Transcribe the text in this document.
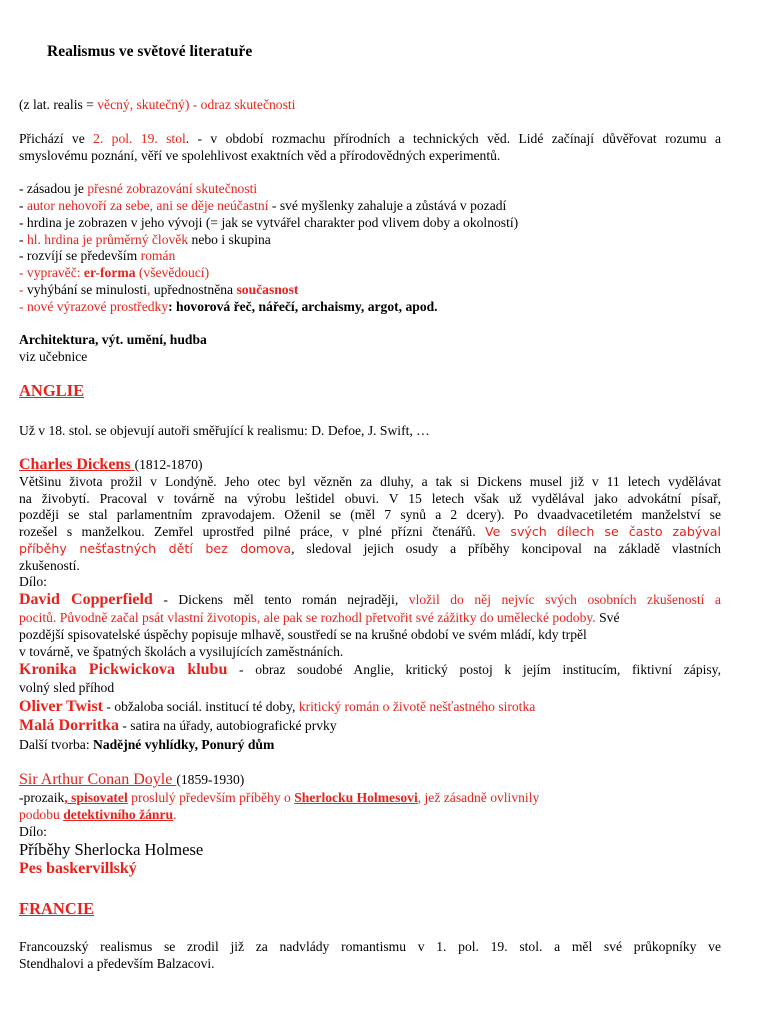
Realismus ve světové literatuře
(z lat. realis = věcný, skutečný) - odraz skutečnosti
Přichází ve 2. pol. 19. stol. - v období rozmachu přírodních a technických věd. Lidé začínají důvěřovat rozumu a
smyslovému poznání, věří ve spolehlivost exaktních věd a přírodovědných experimentů.
- zásadou je přesné zobrazování skutečnosti
- autor nehovoří za sebe, ani se děje neúčastní - své myšlenky zahaluje a zůstává v pozadí
- hrdina je zobrazen v jeho vývoji (= jak se vytvářel charakter pod vlivem doby a okolností)
- hl. hrdina je průměrný člověk nebo i skupina
- rozvíjí se především román
- vypravěč: er-forma (vševědoucí)
- vyhýbání se minulosti, upřednostněna současnost
- nové výrazové prostředky: hovorová řeč, nářečí, archaismy, argot, apod.
Architektura, výt. umění, hudba
viz učebnice
ANGLIE
Už v 18. stol. se objevují autoři směřující k realismu: D. Defoe, J. Swift, …
Charles Dickens (1812-1870)
Většinu života prožil v Londýně. Jeho otec byl vězněn za dluhy, a tak si Dickens musel již v 11 letech vydělávat
na živobytí. Pracoval v továrně na výrobu leštidel obuvi. V 15 letech však už vydělával jako advokátní písař,
později se stal parlamentním zpravodajem. Oženil se (měl 7 synů a 2 dcery). Po dvaadvacetiletém manželství se
rozešel s manželkou. Zemřel uprostřed pilné práce, v plné přízni čtenářů. Ve svých dílech se často zabýval
příběhy nešťastných dětí bez domova, sledoval jejich osudy a příběhy koncipoval na základě vlastních
zkušeností.
Dílo:
David Copperfield - Dickens měl tento román nejraději, vložil do něj nejvíc svých osobních zkušeností a
pocitů. Původně začal psát vlastní životopis, ale pak se rozhodl přetvořit své zážitky do umělecké podoby. Své
pozdější spisovatelské úspěchy popisuje mlhavě, soustředí se na krušné období ve svém mládí, kdy trpěl
v továrně, ve špatných školách a vysilujících zaměstnáních.
Kronika Pickwickova klubu - obraz soudobé Anglie, kritický postoj k jejím institucím, fiktivní zápisy,
volný sled příhod
Oliver Twist - obžaloba sociál. institucí té doby, kritický román o životě nešťastného sirotka
Malá Dorritka - satira na úřady, autobiografické prvky
Další tvorba: Nadějné vyhlídky, Ponurý dům
Sir Arthur Conan Doyle (1859-1930)
-prozaik, spisovatel proslulý především příběhy o Sherlocku Holmesovi, jež zásadně ovlivnily
podobu detektivního žánru.
Dílo:
Příběhy Sherlocka Holmese
Pes baskervillský
FRANCIE
Francouzský realismus se zrodil již za nadvlády romantismu v 1. pol. 19. stol. a měl své průkopníky ve
Stendhalovi a především Balzacovi.
